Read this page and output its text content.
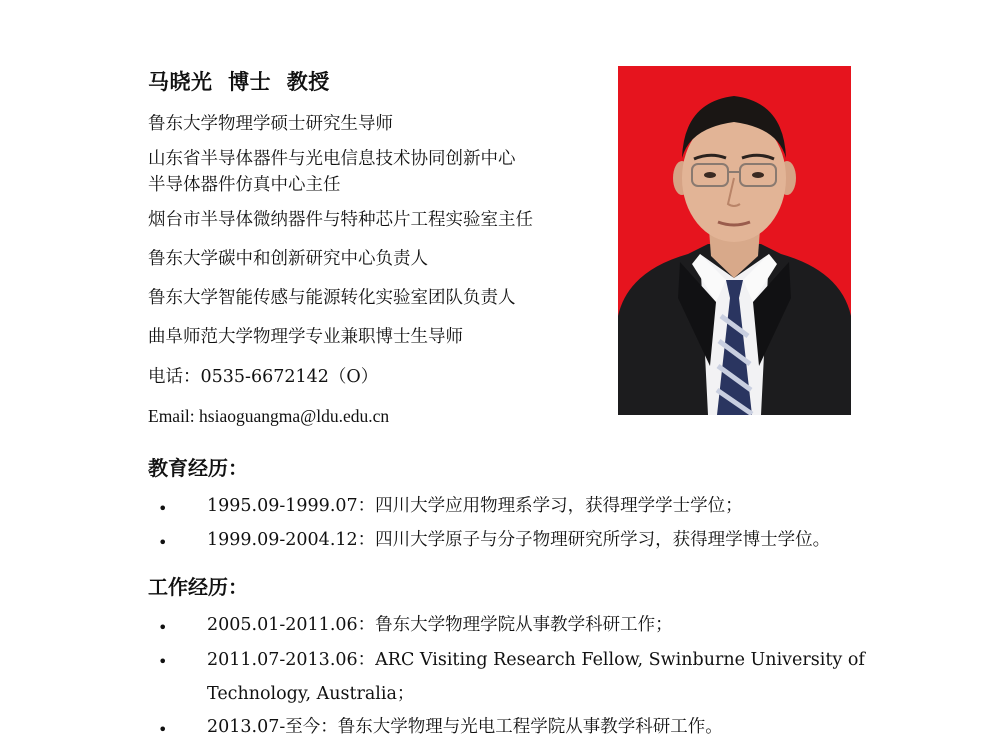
马晓光  博士  教授
鲁东大学物理学硕士研究生导师
山东省半导体器件与光电信息技术协同创新中心
半导体器件仿真中心主任
烟台市半导体微纳器件与特种芯片工程实验室主任
鲁东大学碳中和创新研究中心负责人
鲁东大学智能传感与能源转化实验室团队负责人
曲阜师范大学物理学专业兼职博士生导师
电话：0535-6672142（O）
Email: hsiaoguangma@ldu.edu.cn
教育经历：
• 1995.09-1999.07：四川大学应用物理系学习，获得理学学士学位；
• 1999.09-2004.12：四川大学原子与分子物理研究所学习，获得理学博士学位。
工作经历：
• 2005.01-2011.06：鲁东大学物理学院从事教学科研工作；
• 2011.07-2013.06：ARC Visiting Research Fellow, Swinburne University of
Technology, Australia；
• 2013.07-至今：鲁东大学物理与光电工程学院从事教学科研工作。
